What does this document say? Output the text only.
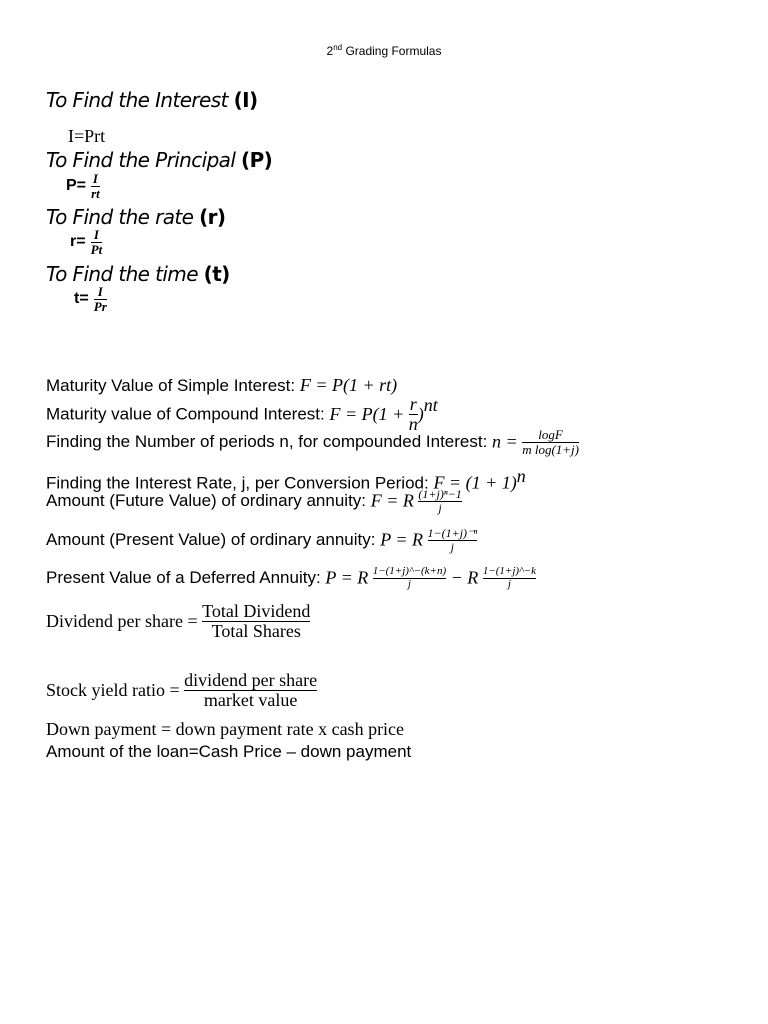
2nd Grading Formulas
To Find the Interest (I)
I=Prt
To Find the Principal (P)
$P= \frac{I}{rt}$
To Find the rate (r)
$r= \frac{I}{Pt}$
To Find the time (t)
$t= \frac{I}{Pr}$
Maturity Value of Simple Interest: F = P(1 + rt)
Maturity value of Compound Interest: $F = P(1 + \frac{r}{n} )^{nt}$
Finding the Number of periods n, for compounded Interest: $n = \frac{\log F}{\text{m log(1+j)}}$
Finding the Interest Rate, j, per Conversion Period: $F = (1 + 1)^n$
Amount (Future Value) of ordinary annuity: F = R $\frac{\text{(1+j)ⁿ−1}}{j}$
Amount (Present Value) of ordinary annuity: P = R $\frac{\text{1−(1+j)⁻ⁿ}}{j}$
Present Value of a Deferred Annuity: P = R $\frac{1-(1+j)\^{}-(k+n)}{j} - R \frac{1-(1+j)\^{}-k}{j}$
Dividend per share = $\frac{\text{Total Dividend}}{\text{Total Shares}}$
Stock yield ratio = $\frac{\text{dividend per share}}{\text{market value}}$
Down payment = down payment rate x cash price
Amount of the loan=Cash Price – down payment
